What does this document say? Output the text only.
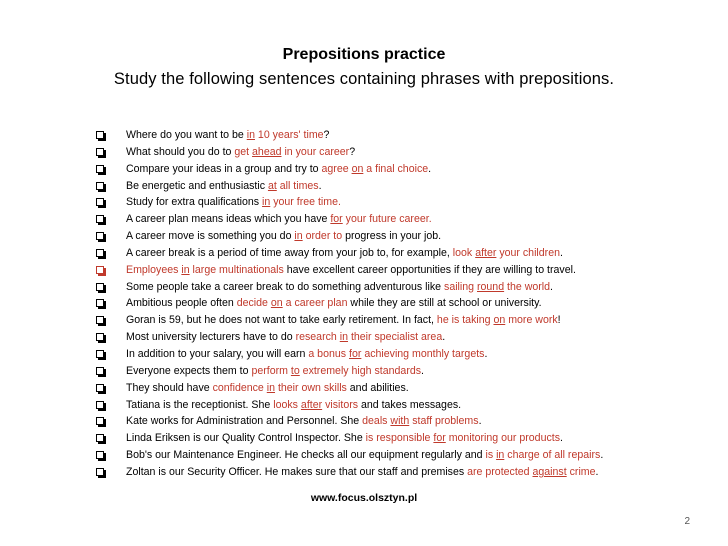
Prepositions practice
Study the following sentences containing phrases with prepositions.
Where do you want to be in 10 years' time?
What should you do to get ahead in your career?
Compare your ideas in a group and try to agree on a final choice.
Be energetic and enthusiastic at all times.
Study for extra qualifications in your free time.
A career plan means ideas which you have for your future career.
A career move is something you do in order to progress in your job.
A career break is a period of time away from your job to, for example, look after your children.
Employees in large multinationals have excellent career opportunities if they are willing to travel.
Some people take a career break to do something adventurous like sailing round the world.
Ambitious people often decide on a career plan while they are still at school or university.
Goran is 59, but he does not want to take early retirement. In fact, he is taking on more work!
Most university lecturers have to do research in their specialist area.
In addition to your salary, you will earn a bonus for achieving monthly targets.
Everyone expects them to perform to extremely high standards.
They should have confidence in their own skills and abilities.
Tatiana is the receptionist. She looks after visitors and takes messages.
Kate works for Administration and Personnel. She deals with staff problems.
Linda Eriksen is our Quality Control Inspector. She is responsible for monitoring our products.
Bob's our Maintenance Engineer. He checks all our equipment regularly and is in charge of all repairs.
Zoltan is our Security Officer. He makes sure that our staff and premises are protected against crime.
www.focus.olsztyn.pl
2
